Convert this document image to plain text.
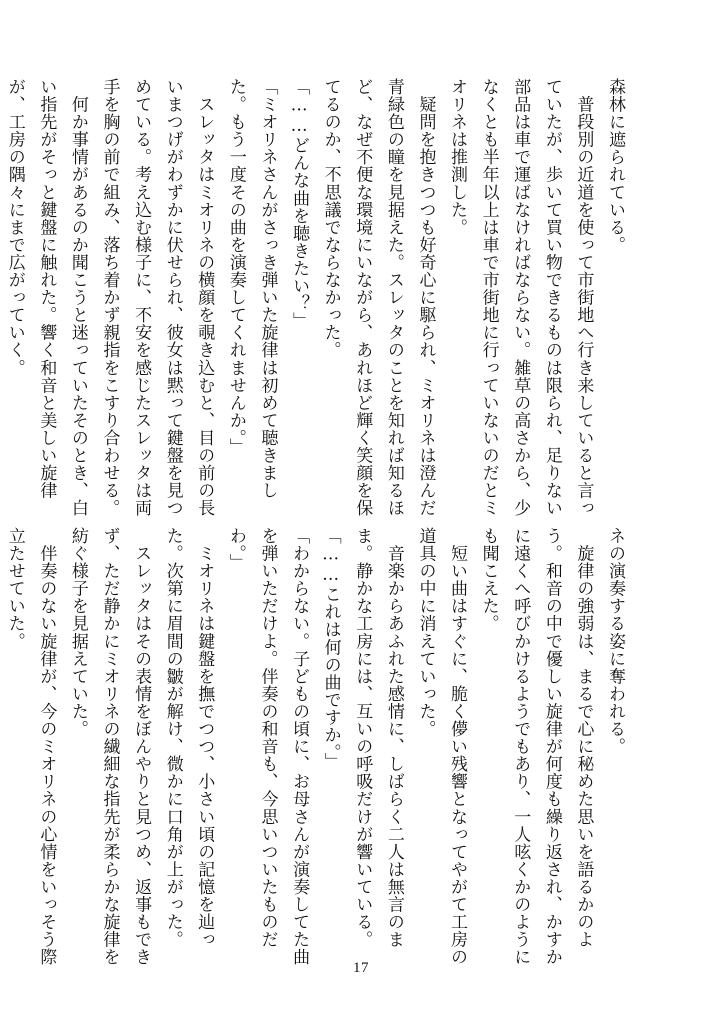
森林に遮られている。
　普段別の近道を使って市街地へ行き来していると言っ
ていたが、歩いて買い物できるものは限られ、足りない
部品は車で運ばなければならない。雑草の高さから、少
なくとも半年以上は車で市街地に行っていないのだとミ
オリネは推測した。
　疑問を抱きつつも好奇心に駆られ、ミオリネは澄んだ
青緑色の瞳を見据えた。スレッタのことを知れば知るほ
ど、なぜ不便な環境にいながら、あれほど輝く笑顔を保
てるのか、不思議でならなかった。
「……どんな曲を聴きたい？」
「ミオリネさんがさっき弾いた旋律は初めて聴きまし
た。もう一度その曲を演奏してくれませんか。」
　スレッタはミオリネの横顔を覗き込むと、目の前の長
いまつげがわずかに伏せられ、彼女は黙って鍵盤を見つ
めている。考え込む様子に、不安を感じたスレッタは両
手を胸の前で組み、落ち着かず親指をこすり合わせる。
　何か事情があるのか聞こうと迷っていたそのとき、白
い指先がそっと鍵盤に触れた。響く和音と美しい旋律
が、工房の隅々にまで広がっていく。
ネの演奏する姿に奪われる。
　旋律の強弱は、まるで心に秘めた思いを語るかのよ
う。和音の中で優しい旋律が何度も繰り返され、かすか
に遠くへ呼びかけるようでもあり、一人呟くかのように
も聞こえた。
　短い曲はすぐに、脆く儚い残響となってやがて工房の
道具の中に消えていった。
　音楽からあふれた感情に、しばらく二人は無言のま
ま。静かな工房には、互いの呼吸だけが響いている。
「……これは何の曲ですか。」
「わからない。子どもの頃に、お母さんが演奏してた曲
を弾いただけよ。伴奏の和音も、今思いついたものだ
わ。」
　ミオリネは鍵盤を撫でつつ、小さい頃の記憶を辿っ
た。次第に眉間の皺が解け、微かに口角が上がった。
　スレッタはその表情をぼんやりと見つめ、返事もでき
ず、ただ静かにミオリネの繊細な指先が柔らかな旋律を
紡ぐ様子を見据えていた。
　伴奏のない旋律が、今のミオリネの心情をいっそう際
立たせていた。
17
